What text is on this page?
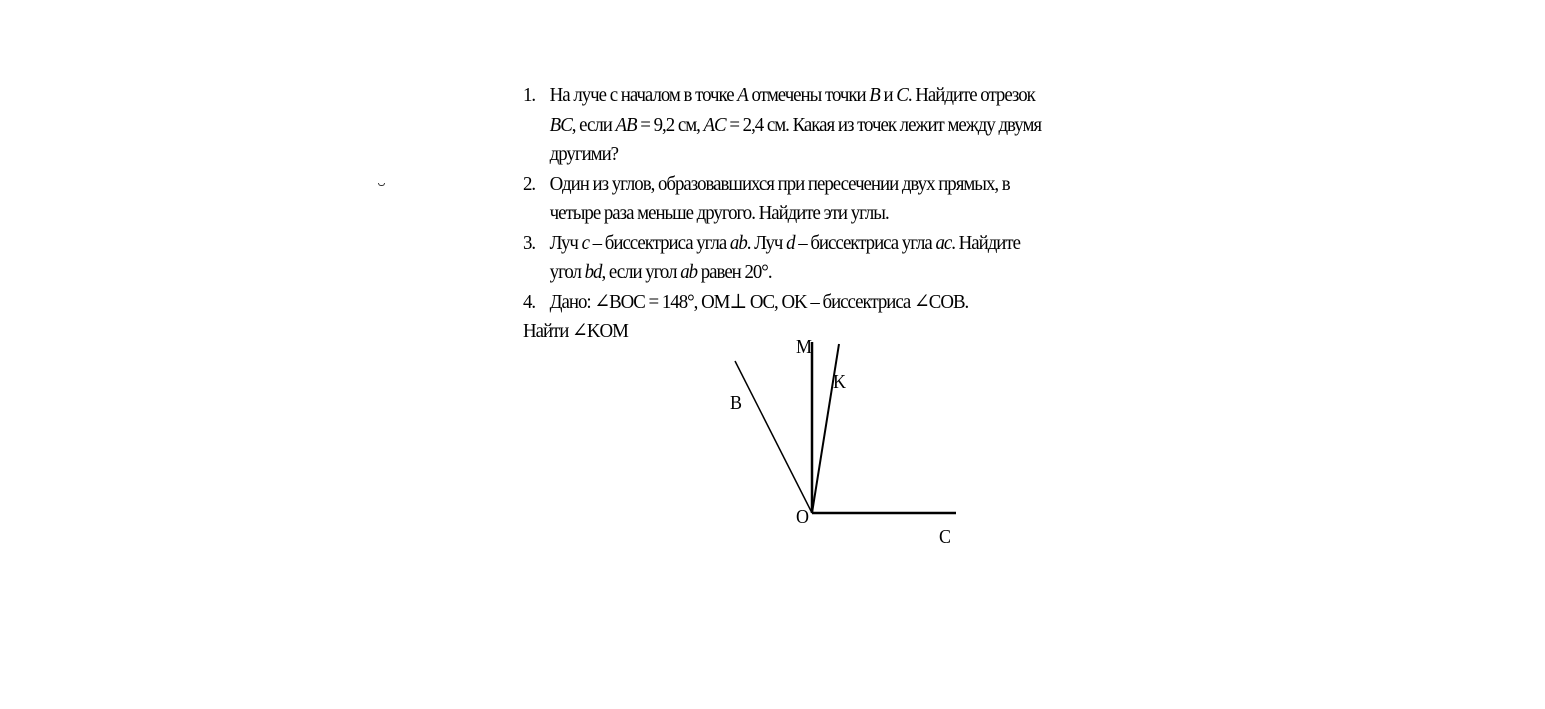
1. На луче с началом в точке A отмечены точки B и C. Найдите отрезок
BC, если AB = 9,2 см, AC = 2,4 см. Какая из точек лежит между двумя
другими?
2. Один из углов, образовавшихся при пересечении двух прямых, в
четыре раза меньше другого. Найдите эти углы.
3. Луч c – биссектриса угла ab. Луч d – биссектриса угла ac. Найдите
угол bd, если угол ab равен 20°.
4. Дано: ∠BOC = 148°, OM⊥ OC, OK – биссектриса ∠COB.
Найти ∠KOM
M
K
B
O
C
